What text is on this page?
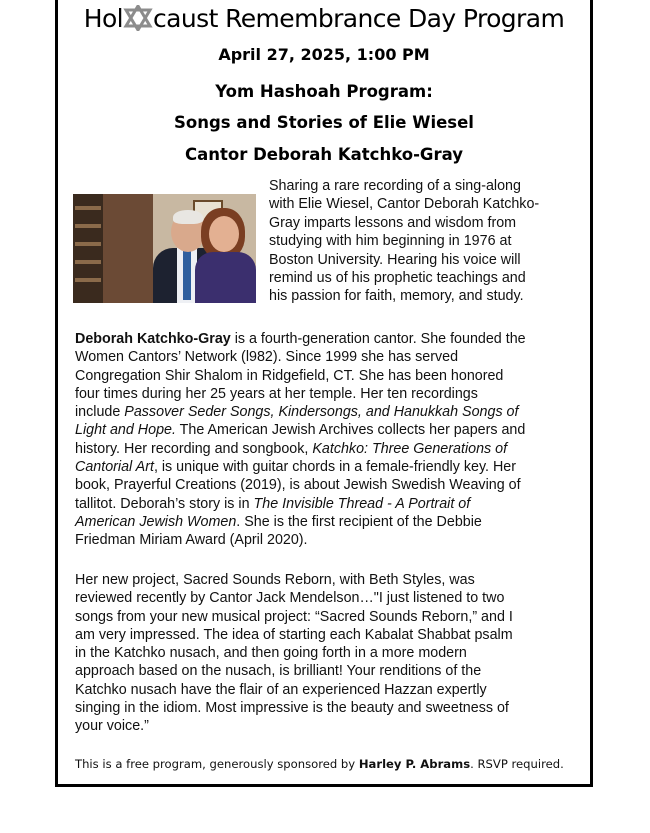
Hol caust Remembrance Day Program
April 27, 2025, 1:00 PM
Yom Hashoah Program:
Songs and Stories of Elie Wiesel
Cantor Deborah Katchko-Gray
Sharing a rare recording of a sing-along
with Elie Wiesel, Cantor Deborah Katchko-
Gray imparts lessons and wisdom from
studying with him beginning in 1976 at
Boston University. Hearing his voice will
remind us of his prophetic teachings and
his passion for faith, memory, and study.
Deborah Katchko-Gray is a fourth-generation cantor. She founded the
Women Cantors’ Network (l982). Since 1999 she has served
Congregation Shir Shalom in Ridgefield, CT. She has been honored
four times during her 25 years at her temple. Her ten recordings
include Passover Seder Songs, Kindersongs, and Hanukkah Songs of
Light and Hope. The American Jewish Archives collects her papers and
history. Her recording and songbook, Katchko: Three Generations of
Cantorial Art, is unique with guitar chords in a female-friendly key. Her
book, Prayerful Creations (2019), is about Jewish Swedish Weaving of
tallitot. Deborah’s story is in The Invisible Thread - A Portrait of
American Jewish Women. She is the first recipient of the Debbie
Friedman Miriam Award (April 2020).
Her new project, Sacred Sounds Reborn, with Beth Styles, was
reviewed recently by Cantor Jack Mendelson…"I just listened to two
songs from your new musical project: “Sacred Sounds Reborn,” and I
am very impressed. The idea of starting each Kabalat Shabbat psalm
in the Katchko nusach, and then going forth in a more modern
approach based on the nusach, is brilliant! Your renditions of the
Katchko nusach have the flair of an experienced Hazzan expertly
singing in the idiom. Most impressive is the beauty and sweetness of
your voice.”
This is a free program, generously sponsored by Harley P. Abrams. RSVP required.
